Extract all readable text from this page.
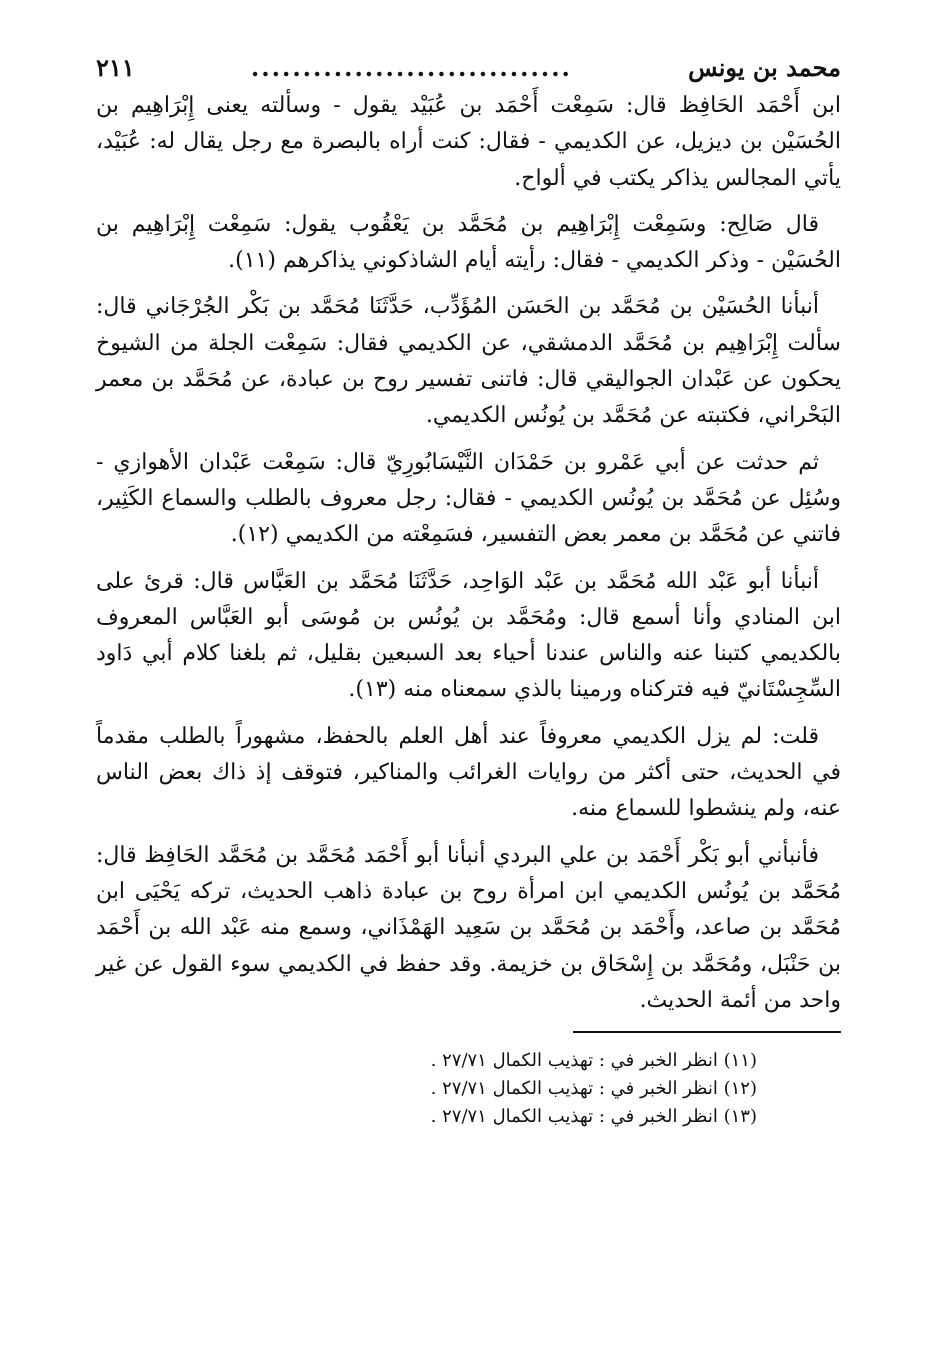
محمد بن يونس
...............................
٢١١

ابن أَحْمَد الحَافِظ قال: سَمِعْت أَحْمَد بن عُبَيْد يقول - وسألته يعنى إِبْرَاهِيم بن الحُسَيْن بن ديزيل، عن الكديمي - فقال: كنت أراه بالبصرة مع رجل يقال له: عُبَيْد، يأتي المجالس يذاكر يكتب في ألواح.

قال صَالِح: وسَمِعْت إِبْرَاهِيم بن مُحَمَّد بن يَعْقُوب يقول: سَمِعْت إِبْرَاهِيم بن الحُسَيْن - وذكر الكديمي - فقال: رأيته أيام الشاذكوني يذاكرهم (١١).

أنبأنا الحُسَيْن بن مُحَمَّد بن الحَسَن المُؤَدِّب، حَدَّثَنَا مُحَمَّد بن بَكْر الجُرْجَاني قال: سألت إِبْرَاهِيم بن مُحَمَّد الدمشقي، عن الكديمي فقال: سَمِعْت الجلة من الشيوخ يحكون عن عَبْدان الجواليقي قال: فاتنى تفسير روح بن عبادة، عن مُحَمَّد بن معمر البَحْراني، فكتبته عن مُحَمَّد بن يُونُس الكديمي.

ثم حدثت عن أبي عَمْرو بن حَمْدَان النَّيْسَابُورِيّ قال: سَمِعْت عَبْدان الأهوازي - وسُئِل عن مُحَمَّد بن يُونُس الكديمي - فقال: رجل معروف بالطلب والسماع الكَثِير، فاتني عن مُحَمَّد بن معمر بعض التفسير، فسَمِعْته من الكديمي (١٢).

أنبأنا أبو عَبْد الله مُحَمَّد بن عَبْد الوَاحِد، حَدَّثَنَا مُحَمَّد بن العَبَّاس قال: قرئ على ابن المنادي وأنا أسمع قال: ومُحَمَّد بن يُونُس بن مُوسَى أبو العَبَّاس المعروف بالكديمي كتبنا عنه والناس عندنا أحياء بعد السبعين بقليل، ثم بلغنا كلام أبي دَاود السِّجِسْتَانيّ فيه فتركناه ورمينا بالذي سمعناه منه (١٣).

قلت: لم يزل الكديمي معروفاً عند أهل العلم بالحفظ، مشهوراً بالطلب مقدماً في الحديث، حتى أكثر من روايات الغرائب والمناكير، فتوقف إذ ذاك بعض الناس عنه، ولم ينشطوا للسماع منه.

فأنبأني أبو بَكْر أَحْمَد بن علي البردي أنبأنا أبو أَحْمَد مُحَمَّد بن مُحَمَّد الحَافِظ قال: مُحَمَّد بن يُونُس الكديمي ابن امرأة روح بن عبادة ذاهب الحديث، تركه يَحْيَى ابن مُحَمَّد بن صاعد، وأَحْمَد بن مُحَمَّد بن سَعِيد الهَمْذَاني، وسمع منه عَبْد الله بن أَحْمَد بن حَنْبَل، ومُحَمَّد بن إِسْحَاق بن خزيمة. وقد حفظ في الكديمي سوء القول عن غير واحد من أئمة الحديث.

(١١) انظر الخبر في : تهذيب الكمال ٢٧/٧١ .
(١٢) انظر الخبر في : تهذيب الكمال ٢٧/٧١ .
(١٣) انظر الخبر في : تهذيب الكمال ٢٧/٧١ .
